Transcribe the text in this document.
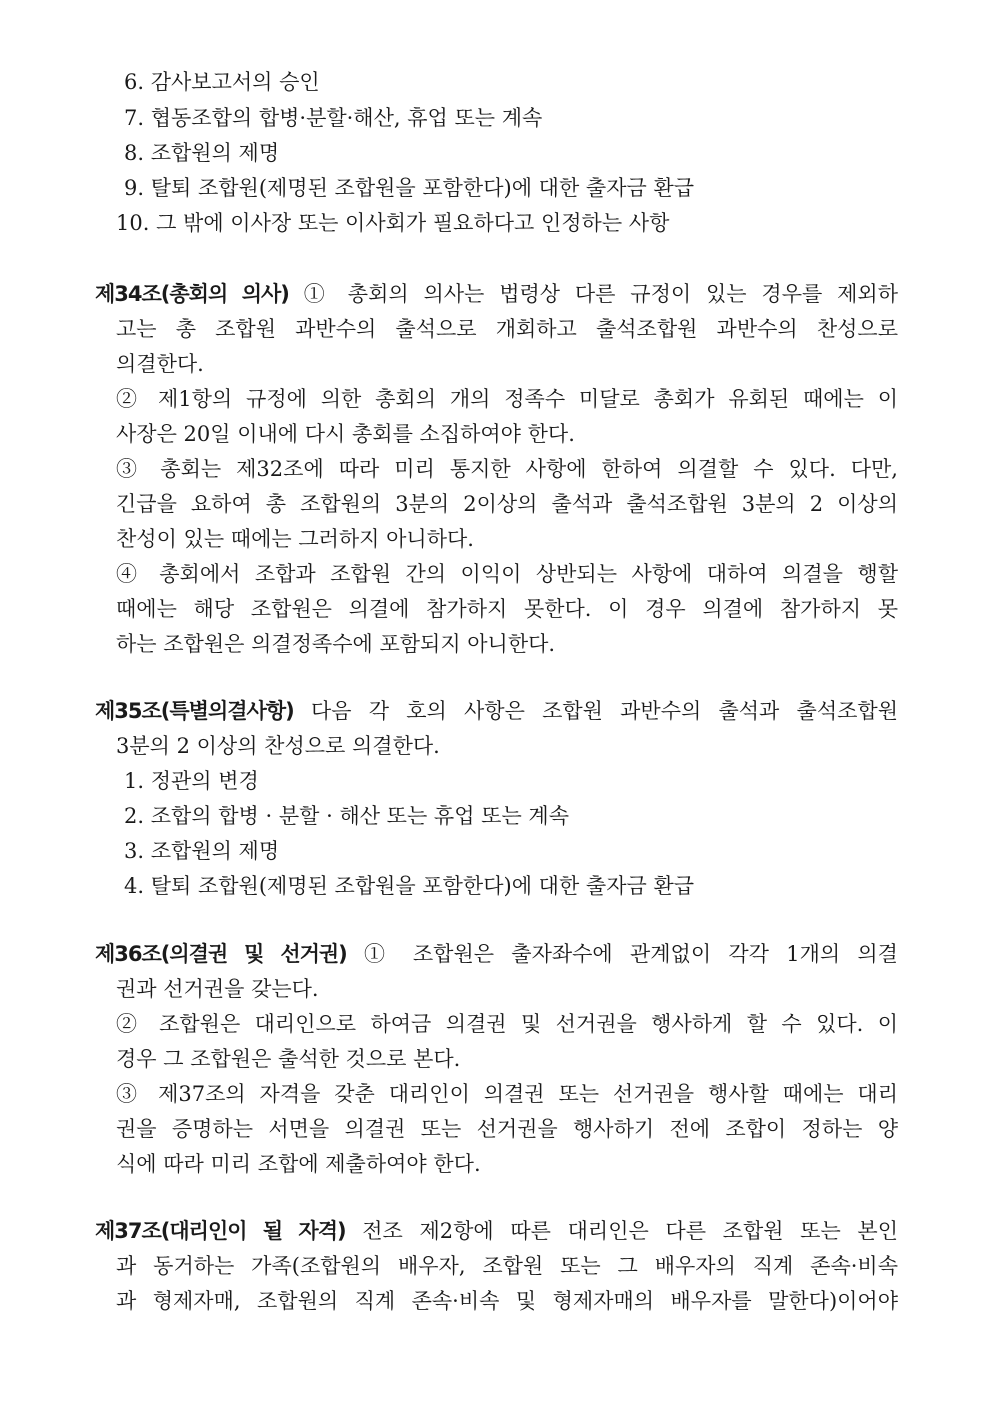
6. 감사보고서의 승인
7. 협동조합의 합병·분할·해산, 휴업 또는 계속
8. 조합원의 제명
9. 탈퇴 조합원(제명된 조합원을 포함한다)에 대한 출자금 환급
10. 그 밖에 이사장 또는 이사회가 필요하다고 인정하는 사항
제34조(총회의 의사) ① 총회의 의사는 법령상 다른 규정이 있는 경우를 제외하
고는 총 조합원 과반수의 출석으로 개회하고 출석조합원 과반수의 찬성으로
의결한다.
② 제1항의 규정에 의한 총회의 개의 정족수 미달로 총회가 유회된 때에는 이
사장은 20일 이내에 다시 총회를 소집하여야 한다.
③ 총회는 제32조에 따라 미리 통지한 사항에 한하여 의결할 수 있다. 다만,
긴급을 요하여 총 조합원의 3분의 2이상의 출석과 출석조합원 3분의 2 이상의
찬성이 있는 때에는 그러하지 아니하다.
④ 총회에서 조합과 조합원 간의 이익이 상반되는 사항에 대하여 의결을 행할
때에는 해당 조합원은 의결에 참가하지 못한다. 이 경우 의결에 참가하지 못
하는 조합원은 의결정족수에 포함되지 아니한다.
제35조(특별의결사항) 다음 각 호의 사항은 조합원 과반수의 출석과 출석조합원
3분의 2 이상의 찬성으로 의결한다.
1. 정관의 변경
2. 조합의 합병 · 분할 · 해산 또는 휴업 또는 계속
3. 조합원의 제명
4. 탈퇴 조합원(제명된 조합원을 포함한다)에 대한 출자금 환급
제36조(의결권 및 선거권) ① 조합원은 출자좌수에 관계없이 각각 1개의 의결
권과 선거권을 갖는다.
② 조합원은 대리인으로 하여금 의결권 및 선거권을 행사하게 할 수 있다. 이
경우 그 조합원은 출석한 것으로 본다.
③ 제37조의 자격을 갖춘 대리인이 의결권 또는 선거권을 행사할 때에는 대리
권을 증명하는 서면을 의결권 또는 선거권을 행사하기 전에 조합이 정하는 양
식에 따라 미리 조합에 제출하여야 한다.
제37조(대리인이 될 자격) 전조 제2항에 따른 대리인은 다른 조합원 또는 본인
과 동거하는 가족(조합원의 배우자, 조합원 또는 그 배우자의 직계 존속·비속
과 형제자매, 조합원의 직계 존속·비속 및 형제자매의 배우자를 말한다)이어야
